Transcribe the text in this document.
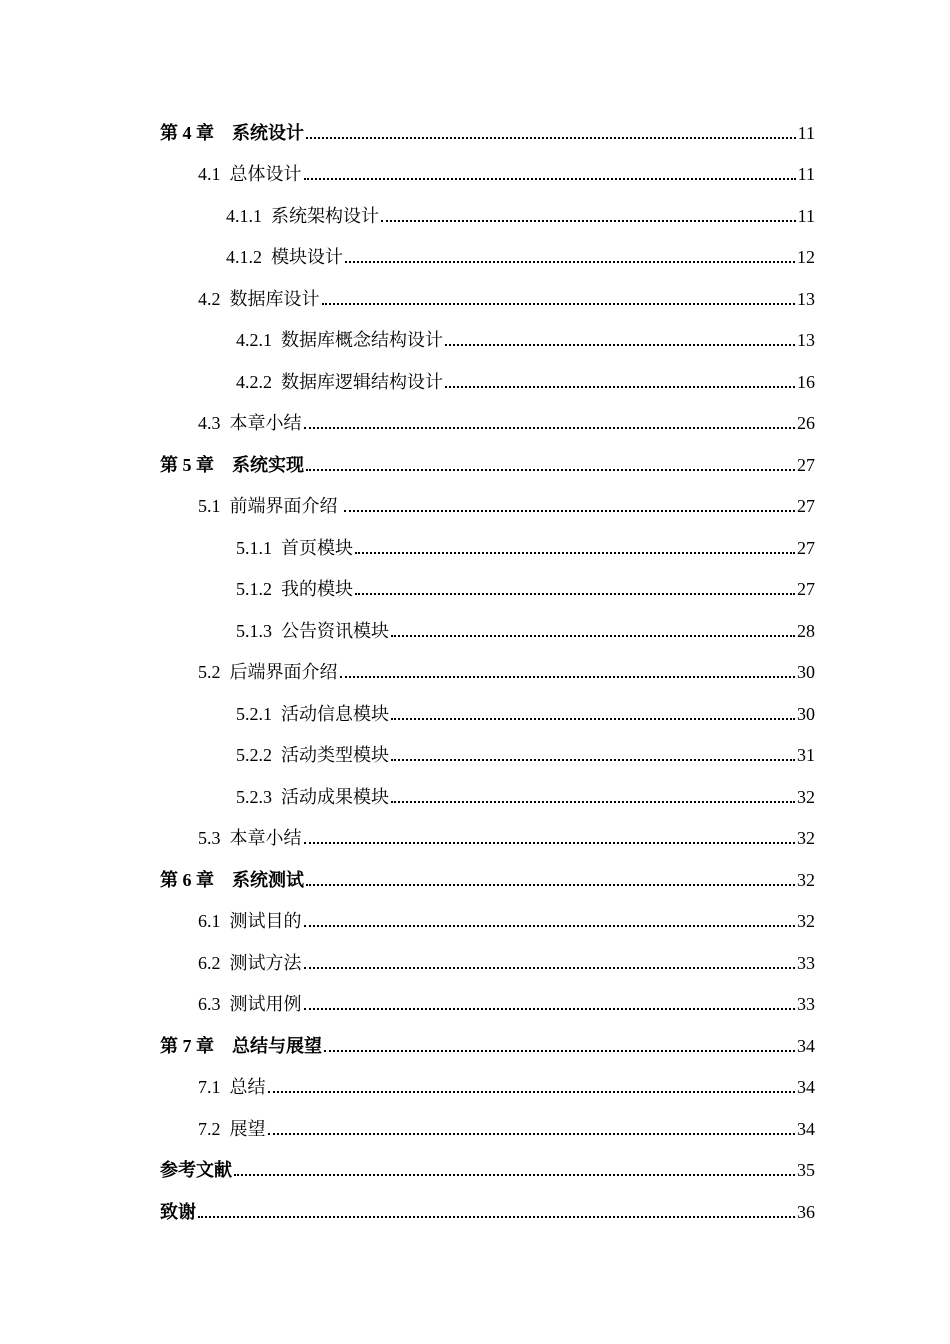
第 4 章　系统设计	11
4.1  总体设计	11
4.1.1  系统架构设计	11
4.1.2  模块设计	12
4.2  数据库设计	13
4.2.1  数据库概念结构设计	13
4.2.2  数据库逻辑结构设计	16
4.3  本章小结	26
第 5 章　系统实现	27
5.1  前端界面介绍	27
5.1.1  首页模块	27
5.1.2  我的模块	27
5.1.3  公告资讯模块	28
5.2  后端界面介绍	30
5.2.1  活动信息模块	30
5.2.2  活动类型模块	31
5.2.3  活动成果模块	32
5.3  本章小结	32
第 6 章　系统测试	32
6.1  测试目的	32
6.2  测试方法	33
6.3  测试用例	33
第 7 章　总结与展望	34
7.1  总结	34
7.2  展望	34
参考文献	35
致谢	36
